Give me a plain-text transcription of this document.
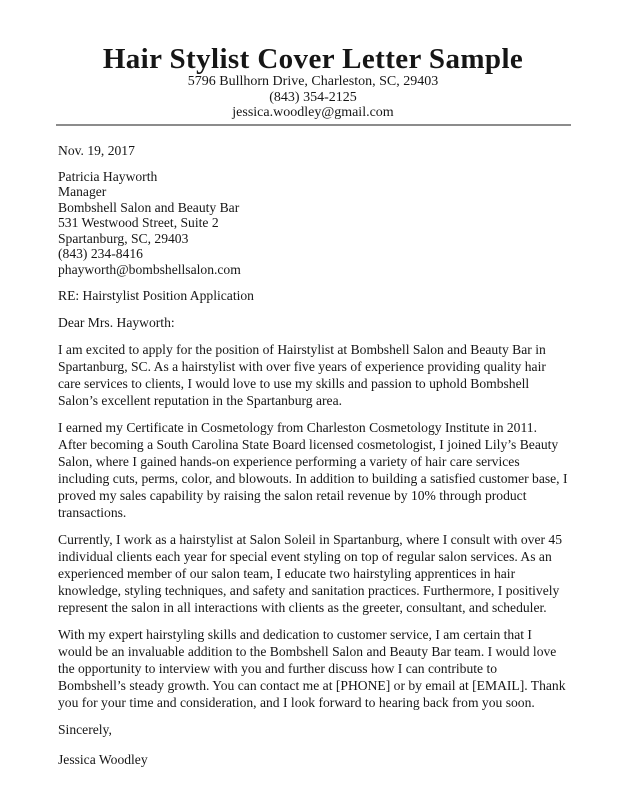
Hair Stylist Cover Letter Sample
5796 Bullhorn Drive, Charleston, SC, 29403
(843) 354-2125
jessica.woodley@gmail.com
Nov. 19, 2017
Patricia Hayworth
Manager
Bombshell Salon and Beauty Bar
531 Westwood Street, Suite 2
Spartanburg, SC, 29403
(843) 234-8416
phayworth@bombshellsalon.com
RE: Hairstylist Position Application
Dear Mrs. Hayworth:

I am excited to apply for the position of Hairstylist at Bombshell Salon and Beauty Bar in Spartanburg, SC. As a hairstylist with over five years of experience providing quality hair care services to clients, I would love to use my skills and passion to uphold Bombshell Salon’s excellent reputation in the Spartanburg area.

I earned my Certificate in Cosmetology from Charleston Cosmetology Institute in 2011. After becoming a South Carolina State Board licensed cosmetologist, I joined Lily’s Beauty Salon, where I gained hands-on experience performing a variety of hair care services including cuts, perms, color, and blowouts. In addition to building a satisfied customer base, I proved my sales capability by raising the salon retail revenue by 10% through product transactions.

Currently, I work as a hairstylist at Salon Soleil in Spartanburg, where I consult with over 45 individual clients each year for special event styling on top of regular salon services. As an experienced member of our salon team, I educate two hairstyling apprentices in hair knowledge, styling techniques, and safety and sanitation practices. Furthermore, I positively represent the salon in all interactions with clients as the greeter, consultant, and scheduler.

With my expert hairstyling skills and dedication to customer service, I am certain that I would be an invaluable addition to the Bombshell Salon and Beauty Bar team. I would love the opportunity to interview with you and further discuss how I can contribute to Bombshell’s steady growth. You can contact me at [PHONE] or by email at [EMAIL]. Thank you for your time and consideration, and I look forward to hearing back from you soon.

Sincerely,
Jessica Woodley
